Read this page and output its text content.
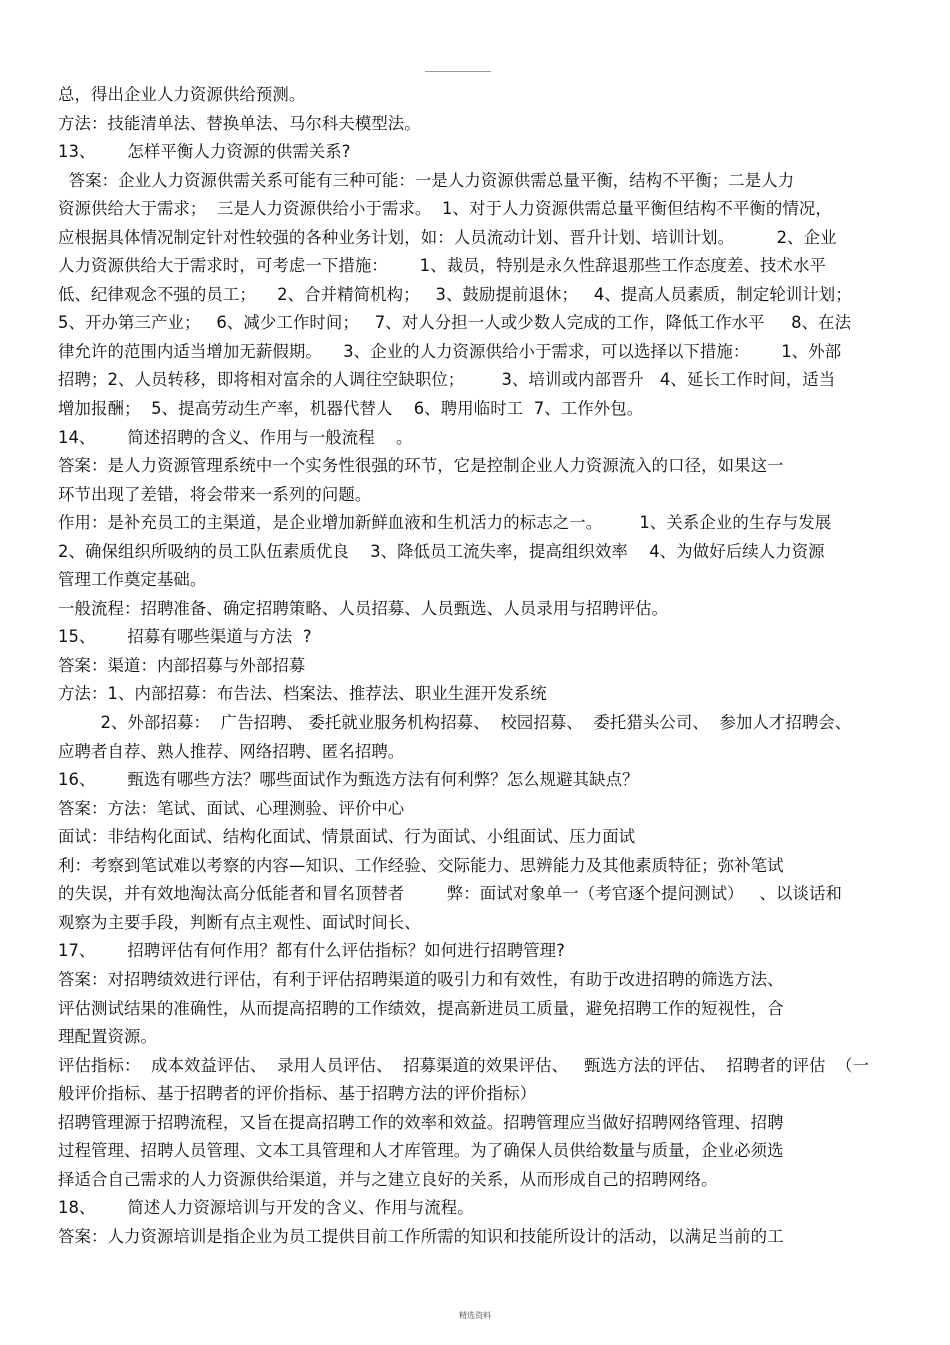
总，得出企业人力资源供给预测。
方法：技能清单法、替换单法、马尔科夫模型法。
13、      怎样平衡人力资源的供需关系?
答案：企业人力资源供需关系可能有三种可能：一是人力资源供需总量平衡，结构不平衡；二是人力
资源供给大于需求；  三是人力资源供给小于需求。  1、对于人力资源供需总量平衡但结构不平衡的情况，
应根据具体情况制定针对性较强的各种业务计划，如：人员流动计划、晋升计划、培训计划。        2、企业
人力资源供给大于需求时，可考虑一下措施：      1、裁员，特别是永久性辞退那些工作态度差、技术水平
低、纪律观念不强的员工；    2、合并精简机构；   3、鼓励提前退休；   4、提高人员素质，制定轮训计划；
5、开办第三产业；   6、减少工作时间；   7、对人分担一人或少数人完成的工作，降低工作水平     8、在法
律允许的范围内适当增加无薪假期。    3、企业的人力资源供给小于需求，可以选择以下措施：      1、外部
招聘；2、人员转移，即将相对富余的人调往空缺职位；       3、培训或内部晋升   4、延长工作时间，适当
增加报酬；  5、提高劳动生产率，机器代替人    6、聘用临时工  7、工作外包。
14、      简述招聘的含义、作用与一般流程    。
答案：是人力资源管理系统中一个实务性很强的环节，它是控制企业人力资源流入的口径，如果这一
环节出现了差错，将会带来一系列的问题。
作用：是补充员工的主渠道，是企业增加新鲜血液和生机活力的标志之一。       1、关系企业的生存与发展
2、确保组织所吸纳的员工队伍素质优良    3、降低员工流失率，提高组织效率    4、为做好后续人力资源
管理工作奠定基础。
一般流程：招聘准备、确定招聘策略、人员招募、人员甄选、人员录用与招聘评估。
15、      招募有哪些渠道与方法  ?
答案：渠道：内部招募与外部招募
方法：1、内部招募：布告法、档案法、推荐法、职业生涯开发系统
2、外部招募：  广告招聘、 委托就业服务机构招募、  校园招募、  委托猎头公司、  参加人才招聘会、
应聘者自荐、熟人推荐、网络招聘、匿名招聘。
16、      甄选有哪些方法？哪些面试作为甄选方法有何利弊？怎么规避其缺点？
答案：方法：笔试、面试、心理测验、评价中心
面试：非结构化面试、结构化面试、情景面试、行为面试、小组面试、压力面试
利：考察到笔试难以考察的内容—知识、工作经验、交际能力、思辨能力及其他素质特征；弥补笔试
的失误，并有效地淘汰高分低能者和冒名顶替者        弊：面试对象单一（考官逐个提问测试）   、以谈话和
观察为主要手段，判断有点主观性、面试时间长、
17、      招聘评估有何作用？都有什么评估指标？如何进行招聘管理?
答案：对招聘绩效进行评估，有利于评估招聘渠道的吸引力和有效性，有助于改进招聘的筛选方法、
评估测试结果的准确性，从而提高招聘的工作绩效，提高新进员工质量，避免招聘工作的短视性，合
理配置资源。
评估指标：  成本效益评估、  录用人员评估、  招募渠道的效果评估、   甄选方法的评估、  招聘者的评估  （一
般评价指标、基于招聘者的评价指标、基于招聘方法的评价指标）
招聘管理源于招聘流程，又旨在提高招聘工作的效率和效益。招聘管理应当做好招聘网络管理、招聘
过程管理、招聘人员管理、文本工具管理和人才库管理。为了确保人员供给数量与质量，企业必须选
择适合自己需求的人力资源供给渠道，并与之建立良好的关系，从而形成自己的招聘网络。
18、      简述人力资源培训与开发的含义、作用与流程。
答案：人力资源培训是指企业为员工提供目前工作所需的知识和技能所设计的活动，以满足当前的工
精选资料
